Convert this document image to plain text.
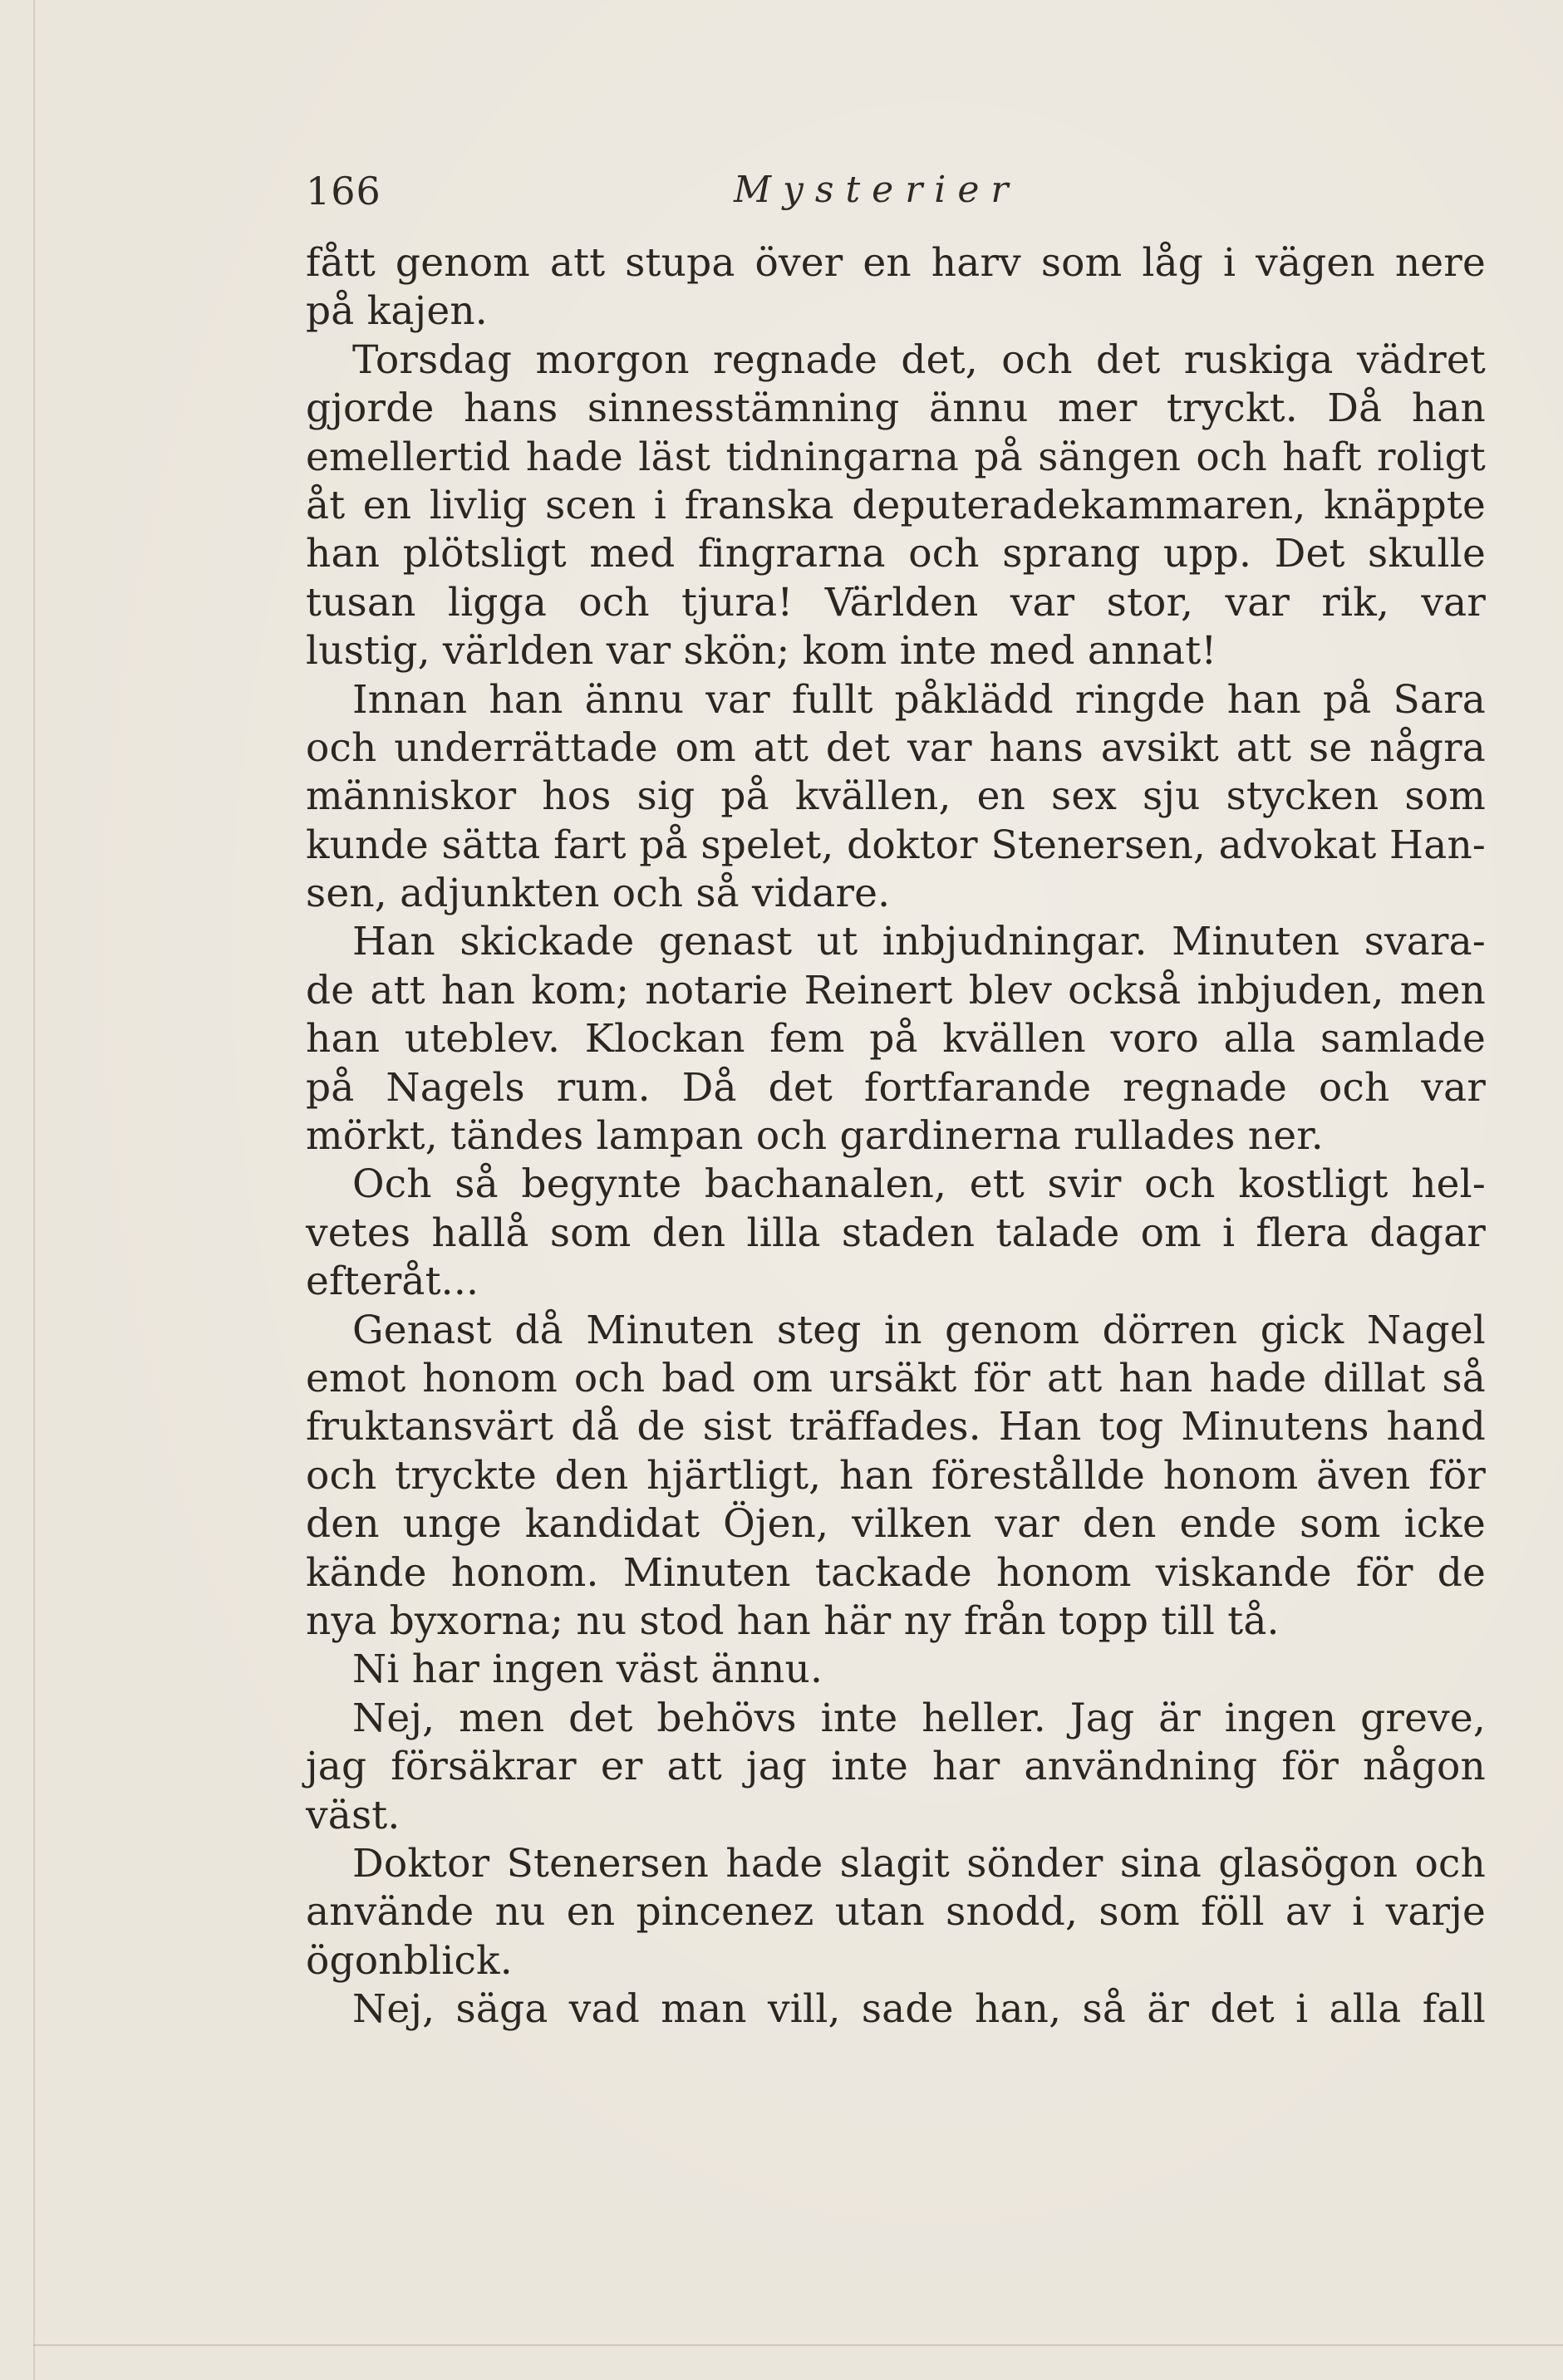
166	Mysterier
fått genom att stupa över en harv som låg i vägen nere
på kajen.
Torsdag morgon regnade det, och det ruskiga vädret
gjorde hans sinnesstämning ännu mer tryckt. Då han
emellertid hade läst tidningarna på sängen och haft roligt
åt en livlig scen i franska deputeradekammaren, knäppte
han plötsligt med fingrarna och sprang upp. Det skulle
tusan ligga och tjura! Världen var stor, var rik, var
lustig, världen var skön; kom inte med annat!
Innan han ännu var fullt påklädd ringde han på Sara
och underrättade om att det var hans avsikt att se några
människor hos sig på kvällen, en sex sju stycken som
kunde sätta fart på spelet, doktor Stenersen, advokat Han-
sen, adjunkten och så vidare.
Han skickade genast ut inbjudningar. Minuten svara-
de att han kom; notarie Reinert blev också inbjuden, men
han uteblev. Klockan fem på kvällen voro alla samlade
på Nagels rum. Då det fortfarande regnade och var
mörkt, tändes lampan och gardinerna rullades ner.
Och så begynte bachanalen, ett svir och kostligt hel-
vetes hallå som den lilla staden talade om i flera dagar
efteråt...
Genast då Minuten steg in genom dörren gick Nagel
emot honom och bad om ursäkt för att han hade dillat så
fruktansvärt då de sist träffades. Han tog Minutens hand
och tryckte den hjärtligt, han förestållde honom även för
den unge kandidat Öjen, vilken var den ende som icke
kände honom. Minuten tackade honom viskande för de
nya byxorna; nu stod han här ny från topp till tå.
Ni har ingen väst ännu.
Nej, men det behövs inte heller. Jag är ingen greve,
jag försäkrar er att jag inte har användning för någon
väst.
Doktor Stenersen hade slagit sönder sina glasögon och
använde nu en pincenez utan snodd, som föll av i varje
ögonblick.
Nej, säga vad man vill, sade han, så är det i alla fall
